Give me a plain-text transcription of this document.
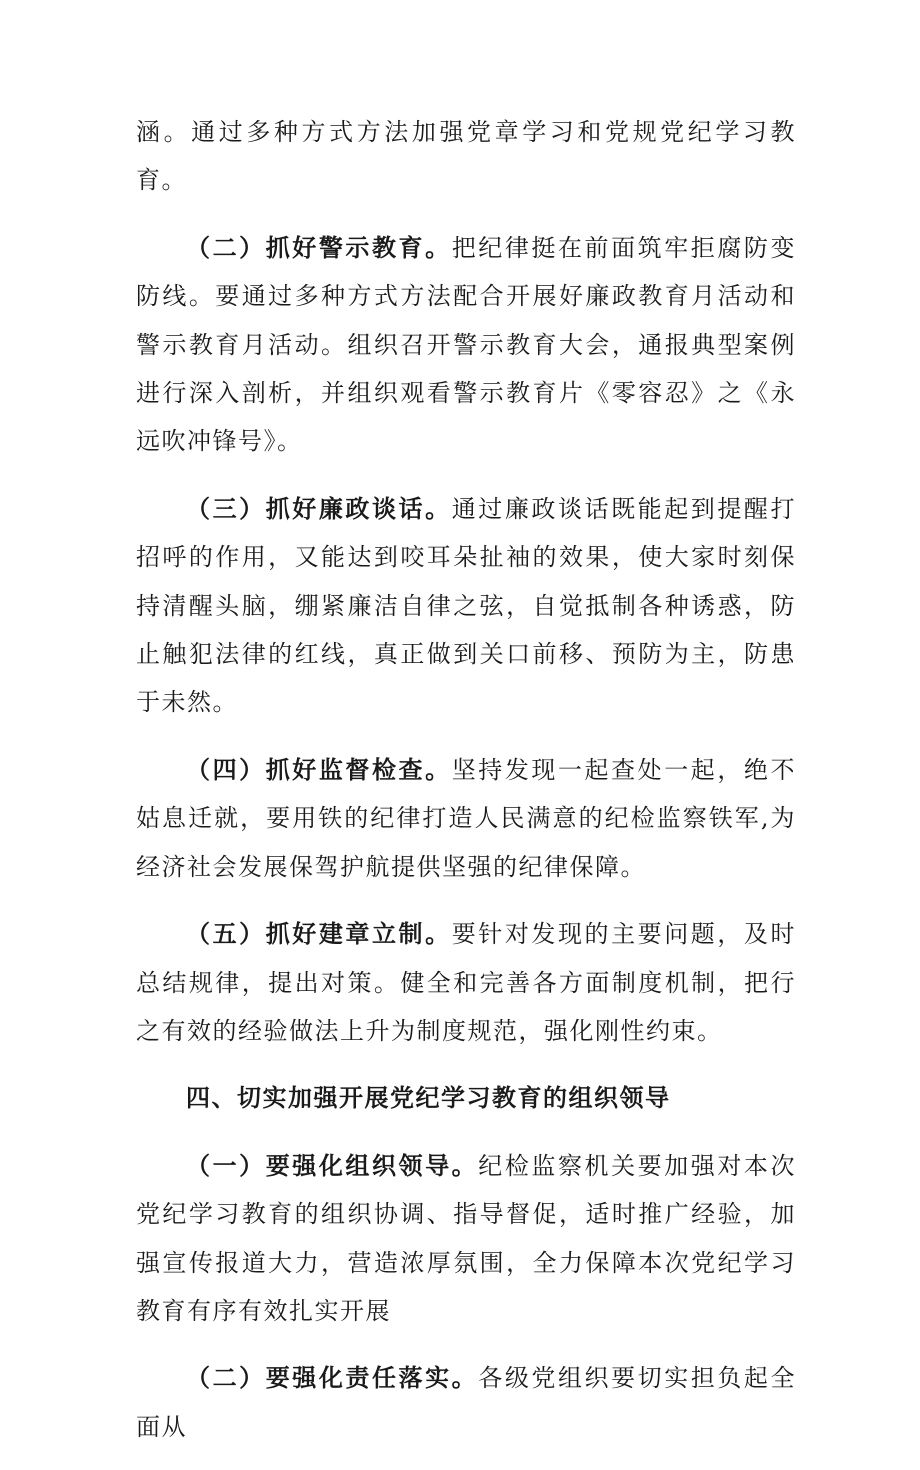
涵。通过多种方式方法加强党章学习和党规党纪学习教育。

（二）抓好警示教育。把纪律挺在前面筑牢拒腐防变防线。要通过多种方式方法配合开展好廉政教育月活动和警示教育月活动。组织召开警示教育大会，通报典型案例进行深入剖析，并组织观看警示教育片《零容忍》之《永远吹冲锋号》。

（三）抓好廉政谈话。通过廉政谈话既能起到提醒打招呼的作用，又能达到咬耳朵扯袖的效果，使大家时刻保持清醒头脑，绷紧廉洁自律之弦，自觉抵制各种诱惑，防止触犯法律的红线，真正做到关口前移、预防为主，防患于未然。

（四）抓好监督检查。坚持发现一起查处一起，绝不姑息迁就，要用铁的纪律打造人民满意的纪检监察铁军,为经济社会发展保驾护航提供坚强的纪律保障。

（五）抓好建章立制。要针对发现的主要问题，及时总结规律，提出对策。健全和完善各方面制度机制，把行之有效的经验做法上升为制度规范，强化刚性约束。

四、切实加强开展党纪学习教育的组织领导

（一）要强化组织领导。纪检监察机关要加强对本次党纪学习教育的组织协调、指导督促，适时推广经验，加强宣传报道大力，营造浓厚氛围，全力保障本次党纪学习教育有序有效扎实开展

（二）要强化责任落实。各级党组织要切实担负起全面从
